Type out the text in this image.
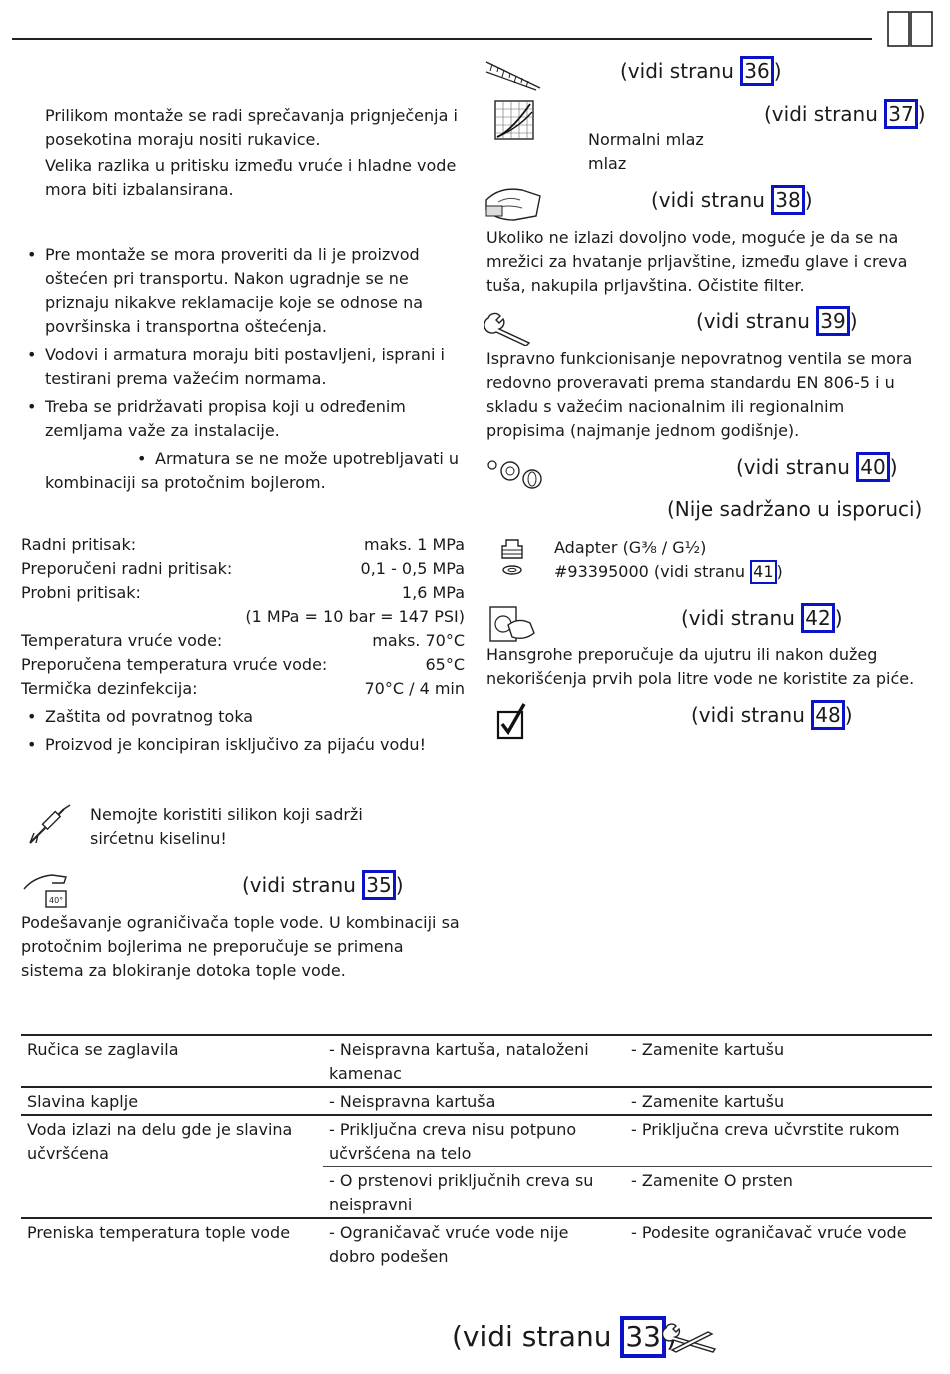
Prilikom montaže se radi sprečavanja prignječenja i posekotina moraju nositi rukavice.
Velika razlika u pritisku između vruće i hladne vode mora biti izbalansirana.
• Pre montaže se mora proveriti da li je proizvod oštećen pri transportu. Nakon ugradnje se ne priznaju nikakve reklamacije koje se odnose na površinska i transportna oštećenja.
• Vodovi i armatura moraju biti postavljeni, isprani i testirani prema važećim normama.
• Treba se pridržavati propisa koji u određenim zemljama važe za instalacije.
• Armatura se ne može upotrebljavati u kombinaciji sa protočnim bojlerom.
Radni pritisak:	maks. 1 MPa
Preporučeni radni pritisak:	0,1 - 0,5 MPa
Probni pritisak:	1,6 MPa
(1 MPa = 10 bar = 147 PSI)
Temperatura vruće vode:	maks. 70°C
Preporučena temperatura vruće vode:	65°C
Termička dezinfekcija:	70°C / 4 min
• Zaštita od povratnog toka
• Proizvod je koncipiran isključivo za pijaću vodu!
Nemojte koristiti silikon koji sadrži sirćetnu kiselinu!
40°
(vidi stranu 35 )
Podešavanje ograničivača tople vode. U kombinaciji sa protočnim bojlerima ne preporučuje se primena sistema za blokiranje dotoka tople vode.
(vidi stranu 36 )
(vidi stranu 37 )
Normalni mlaz
mlaz
(vidi stranu 38 )
Ukoliko ne izlazi dovoljno vode, moguće je da se na mrežici za hvatanje prljavštine, između glave i creva tuša, nakupila prljavština. Očistite filter.
(vidi stranu 39 )
Ispravno funkcionisanje nepovratnog ventila se mora redovno proveravati prema standardu EN 806-5 i u skladu s važećim nacionalnim ili regionalnim propisima (najmanje jednom godišnje).
(vidi stranu 40 )
(Nije sadržano u isporuci)
Adapter (G⅜ / G½)
#93395000 (vidi stranu 41 )
(vidi stranu 42 )
Hansgrohe preporučuje da ujutru ili nakon dužeg nekorišćenja prvih pola litre vode ne koristite za piće.
(vidi stranu 48 )
Ručica se zaglavila	- Neispravna kartuša, nataloženi kamenac	- Zamenite kartušu
Slavina kaplje	- Neispravna kartuša	- Zamenite kartušu
Voda izlazi na delu gde je slavina učvršćena	- Priključna creva nisu potpuno učvršćena na telo	- Priključna creva učvrstite rukom
	- O prstenovi priključnih creva su neispravni	- Zamenite O prsten
Preniska temperatura tople vode	- Ograničavač vruće vode nije dobro podešen	- Podesite ograničavač vruće vode
(vidi stranu 33
